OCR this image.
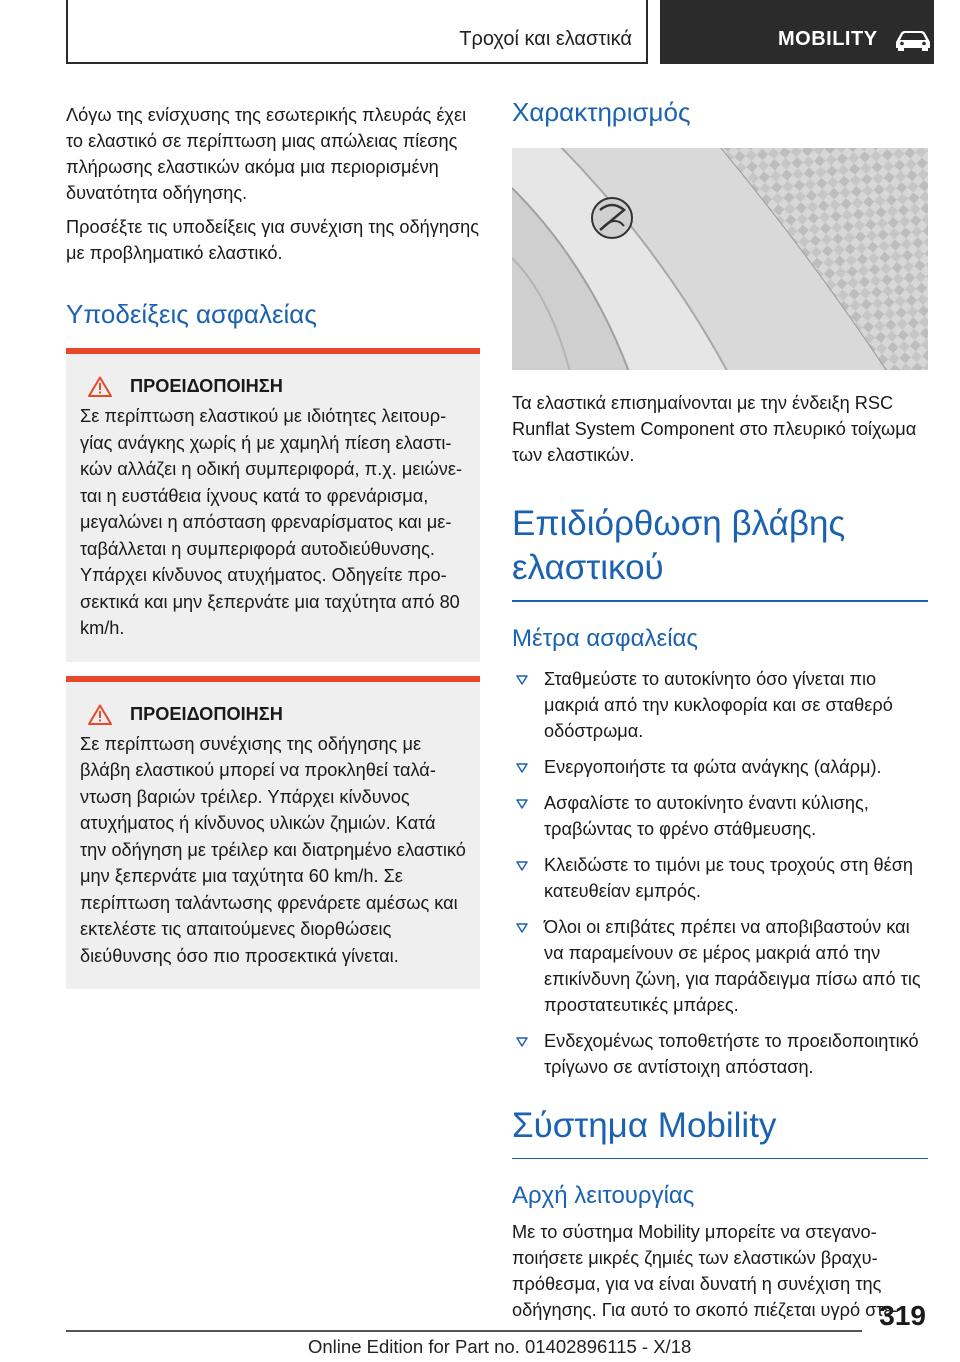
Τροχοί και ελαστικά	MOBILITY

Λόγω της ενίσχυσης της εσωτερικής πλευράς έχει το ελαστικό σε περίπτωση μιας απώλειας πίεσης πλήρωσης ελαστικών ακόμα μια περιορισμένη δυνατότητα οδήγησης.

Προσέξτε τις υποδείξεις για συνέχιση της οδήγησης με προβληματικό ελαστικό.

Υποδείξεις ασφαλείας
ΠΡΟΕΙΔΟΠΟΙΗΣΗ

Σε περίπτωση ελαστικού με ιδιότητες λειτουργίας ανάγκης χωρίς ή με χαμηλή πίεση ελαστικών αλλάζει η οδική συμπεριφορά, π.χ. μειώνεται η ευστάθεια ίχνους κατά το φρενάρισμα, μεγαλώνει η απόσταση φρεναρίσματος και μεταβάλλεται η συμπεριφορά αυτοδιεύθυνσης. Υπάρχει κίνδυνος ατυχήματος. Οδηγείτε προσεκτικά και μην ξεπερνάτε μια ταχύτητα από 80 km/h.

ΠΡΟΕΙΔΟΠΟΙΗΣΗ

Σε περίπτωση συνέχισης της οδήγησης με βλάβη ελαστικού μπορεί να προκληθεί ταλάντωση βαριών τρέιλερ. Υπάρχει κίνδυνος ατυχήματος ή κίνδυνος υλικών ζημιών. Κατά την οδήγηση με τρέιλερ και διατρημένο ελαστικό μην ξεπερνάτε μια ταχύτητα 60 km/h. Σε περίπτωση ταλάντωσης φρενάρετε αμέσως και εκτελέστε τις απαιτούμενες διορθώσεις διεύθυνσης όσο πιο προσεκτικά γίνεται.

Χαρακτηρισμός

Τα ελαστικά επισημαίνονται με την ένδειξη RSC Runflat System Component στο πλευρικό τοίχωμα των ελαστικών.

Επιδιόρθωση βλάβης ελαστικού
Μέτρα ασφαλείας
Σταθμεύστε το αυτοκίνητο όσο γίνεται πιο μακριά από την κυκλοφορία και σε σταθερό οδόστρωμα.
Ενεργοποιήστε τα φώτα ανάγκης (αλάρμ).
Ασφαλίστε το αυτοκίνητο έναντι κύλισης, τραβώντας το φρένο στάθμευσης.
Κλειδώστε το τιμόνι με τους τροχούς στη θέση κατευθείαν εμπρός.
Όλοι οι επιβάτες πρέπει να αποβιβαστούν και να παραμείνουν σε μέρος μακριά από την επικίνδυνη ζώνη, για παράδειγμα πίσω από τις προστατευτικές μπάρες.
Ενδεχομένως τοποθετήστε το προειδοποιητικό τρίγωνο σε αντίστοιχη απόσταση.
Σύστημα Mobility
Αρχή λειτουργίας

Με το σύστημα Mobility μπορείτε να στεγανοποιήσετε μικρές ζημιές των ελαστικών βραχυπρόθεσμα, για να είναι δυνατή η συνέχιση της οδήγησης. Για αυτό το σκοπό πιέζεται υγρό στε-

319
Online Edition for Part no. 01402896115 - X/18
